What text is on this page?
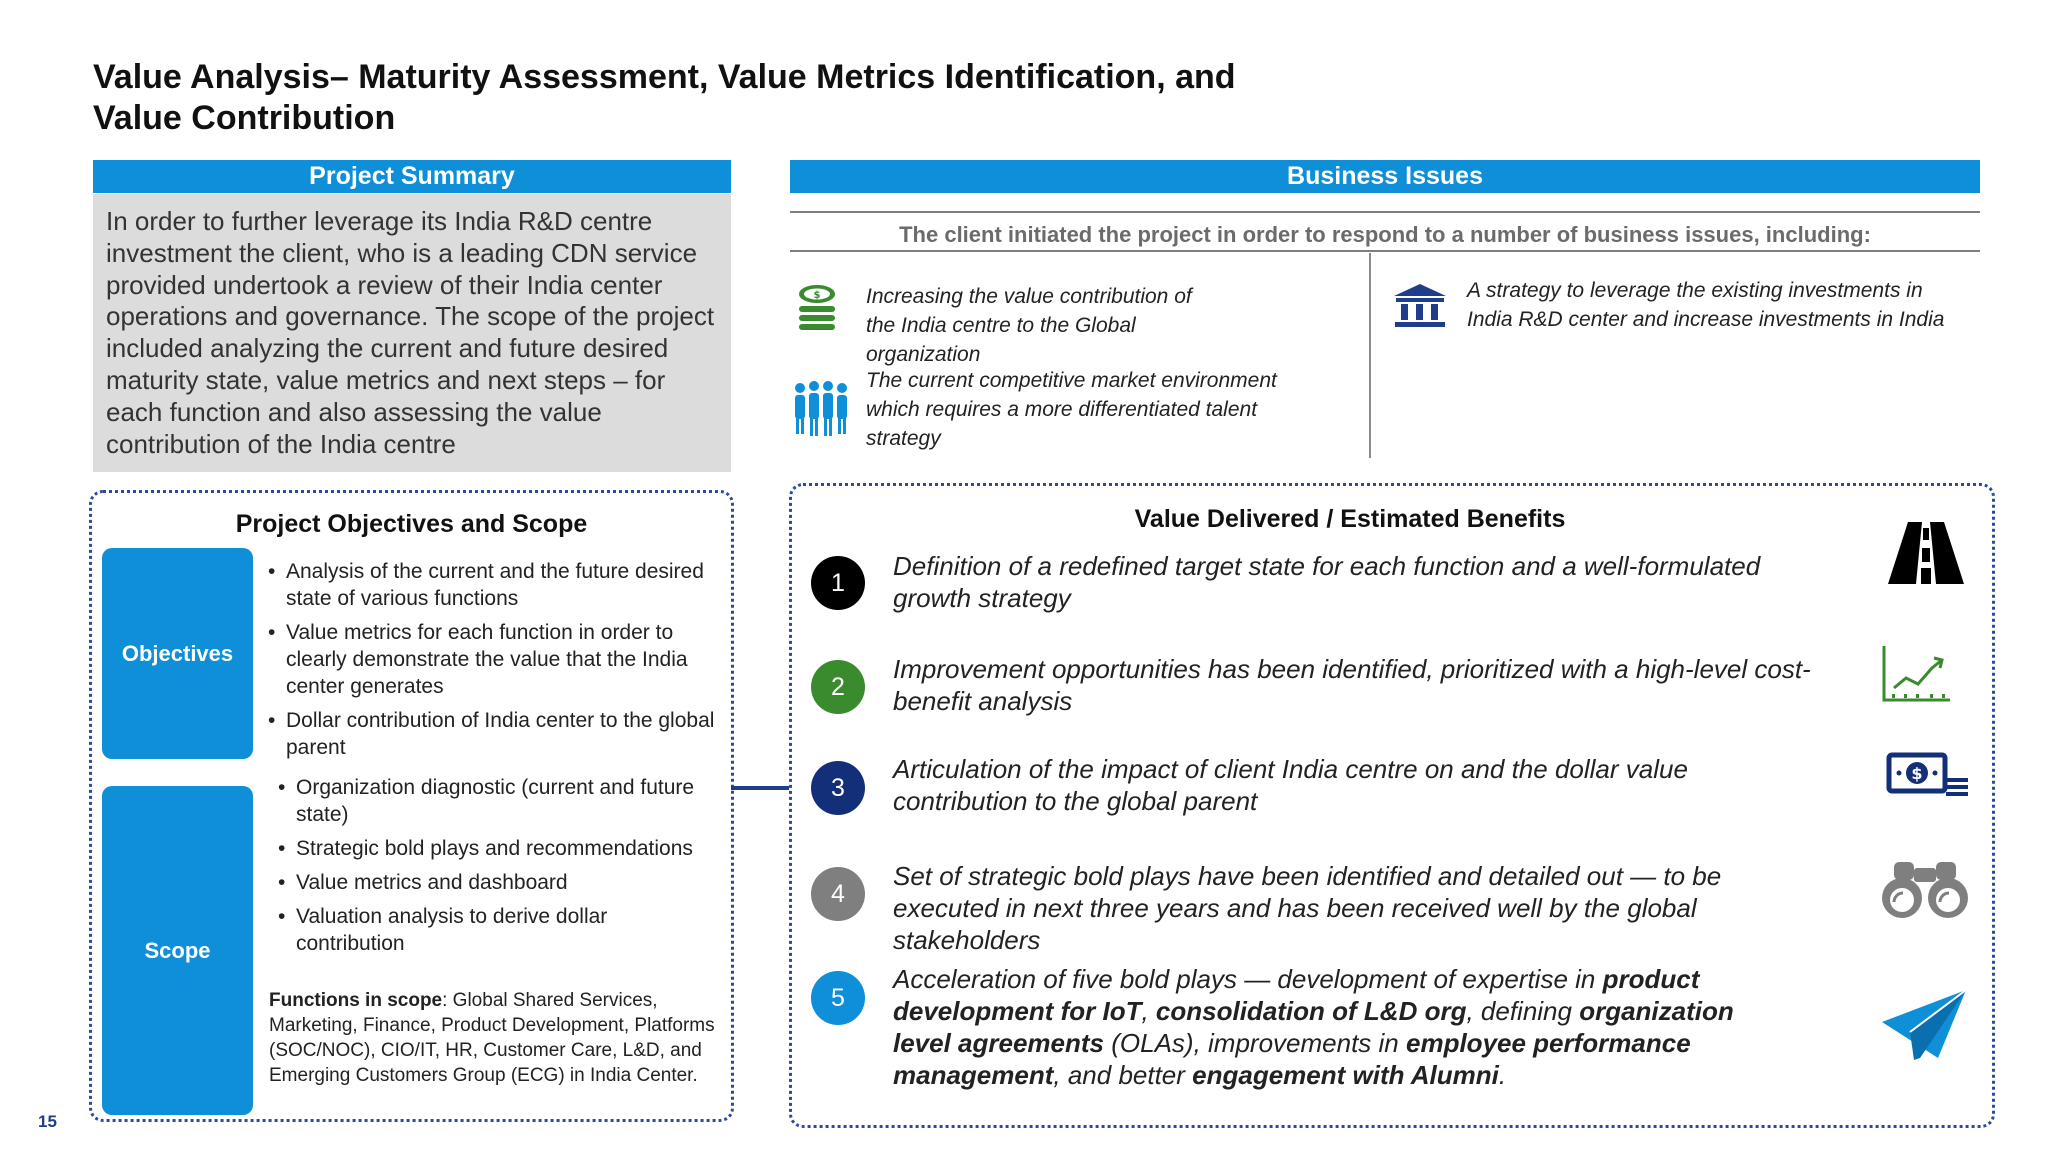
Value Analysis– Maturity Assessment, Value Metrics Identification, and
Value Contribution
Project Summary
In order to further leverage its India R&D centre investment the client, who is a leading CDN service provided undertook a review of their India center operations and governance. The scope of the project included analyzing the current and future desired maturity state, value metrics and next steps – for each function and also assessing the value contribution of the India centre
Business Issues
The client initiated the project in order to respond to a number of business issues, including:
$ Increasing the value contribution of the India centre to the Global organization
The current competitive market environment which requires a more differentiated talent strategy
A strategy to leverage the existing investments in India R&D center and increase investments in India
Project Objectives and Scope
Objectives
• Analysis of the current and the future desired state of various functions
• Value metrics for each function in order to clearly demonstrate the value that the India center generates
• Dollar contribution of India center to the global parent
Scope
• Organization diagnostic (current and future state)
• Strategic bold plays and recommendations
• Value metrics and dashboard
• Valuation analysis to derive dollar contribution
Functions in scope: Global Shared Services, Marketing, Finance, Product Development, Platforms (SOC/NOC), CIO/IT, HR, Customer Care, L&D, and Emerging Customers Group (ECG) in India Center.
Value Delivered / Estimated Benefits
1
Definition of a redefined target state for each function and a well-formulated growth strategy
2
Improvement opportunities has been identified, prioritized with a high-level cost-benefit analysis
3
Articulation of the impact of client India centre on and the dollar value contribution to the global parent
4
Set of strategic bold plays have been identified and detailed out — to be executed in next three years and has been received well by the global stakeholders
5
Acceleration of five bold plays — development of expertise in product development for IoT, consolidation of L&D org, defining organization level agreements (OLAs), improvements in employee performance management, and better engagement with Alumni.
$
15
